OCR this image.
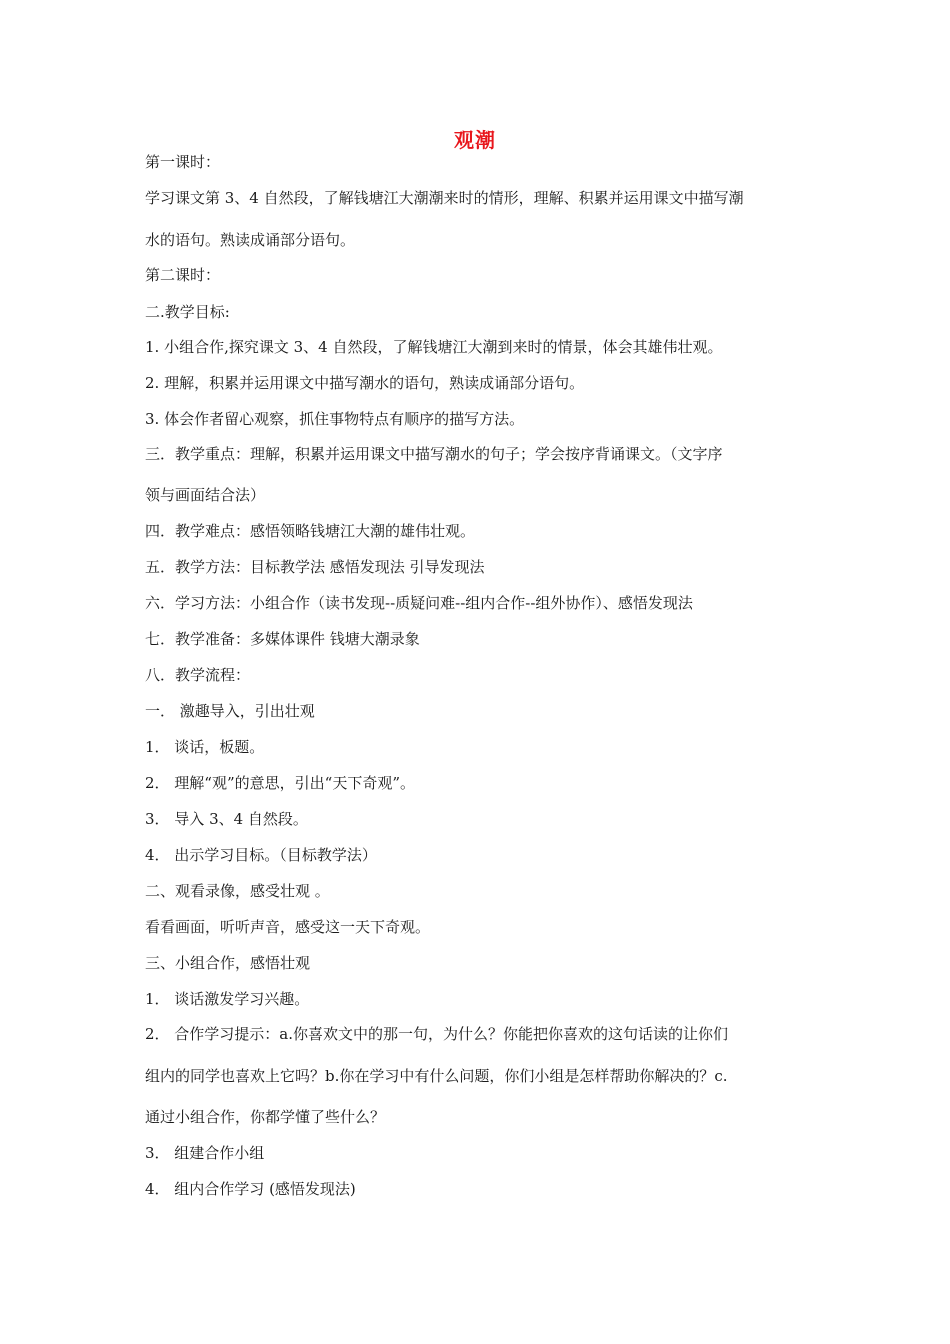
观潮
第一课时：
学习课文第 3、4 自然段，了解钱塘江大潮潮来时的情形，理解、积累并运用课文中描写潮
水的语句。熟读成诵部分语句。
第二课时：
二.教学目标:
1. 小组合作,探究课文 3、4 自然段，了解钱塘江大潮到来时的情景，体会其雄伟壮观。
2. 理解，积累并运用课文中描写潮水的语句，熟读成诵部分语句。
3. 体会作者留心观察，抓住事物特点有顺序的描写方法。
三．教学重点：理解，积累并运用课文中描写潮水的句子；学会按序背诵课文。（文字序
领与画面结合法）
四．教学难点：感悟领略钱塘江大潮的雄伟壮观。
五．教学方法：目标教学法 感悟发现法 引导发现法
六．学习方法：小组合作（读书发现--质疑问难--组内合作--组外协作）、感悟发现法
七．教学准备：多媒体课件 钱塘大潮录象
八．教学流程：
一． 激趣导入，引出壮观
1． 谈话，板题。
2． 理解“观”的意思，引出“天下奇观”。
3． 导入 3、4 自然段。
4． 出示学习目标。（目标教学法）
二、观看录像，感受壮观 。
看看画面，听听声音，感受这一天下奇观。
三、小组合作，感悟壮观
1． 谈话激发学习兴趣。
2． 合作学习提示：a.你喜欢文中的那一句，为什么？你能把你喜欢的这句话读的让你们
组内的同学也喜欢上它吗？b.你在学习中有什么问题，你们小组是怎样帮助你解决的？c.
通过小组合作，你都学懂了些什么？
3． 组建合作小组
4． 组内合作学习 (感悟发现法)
